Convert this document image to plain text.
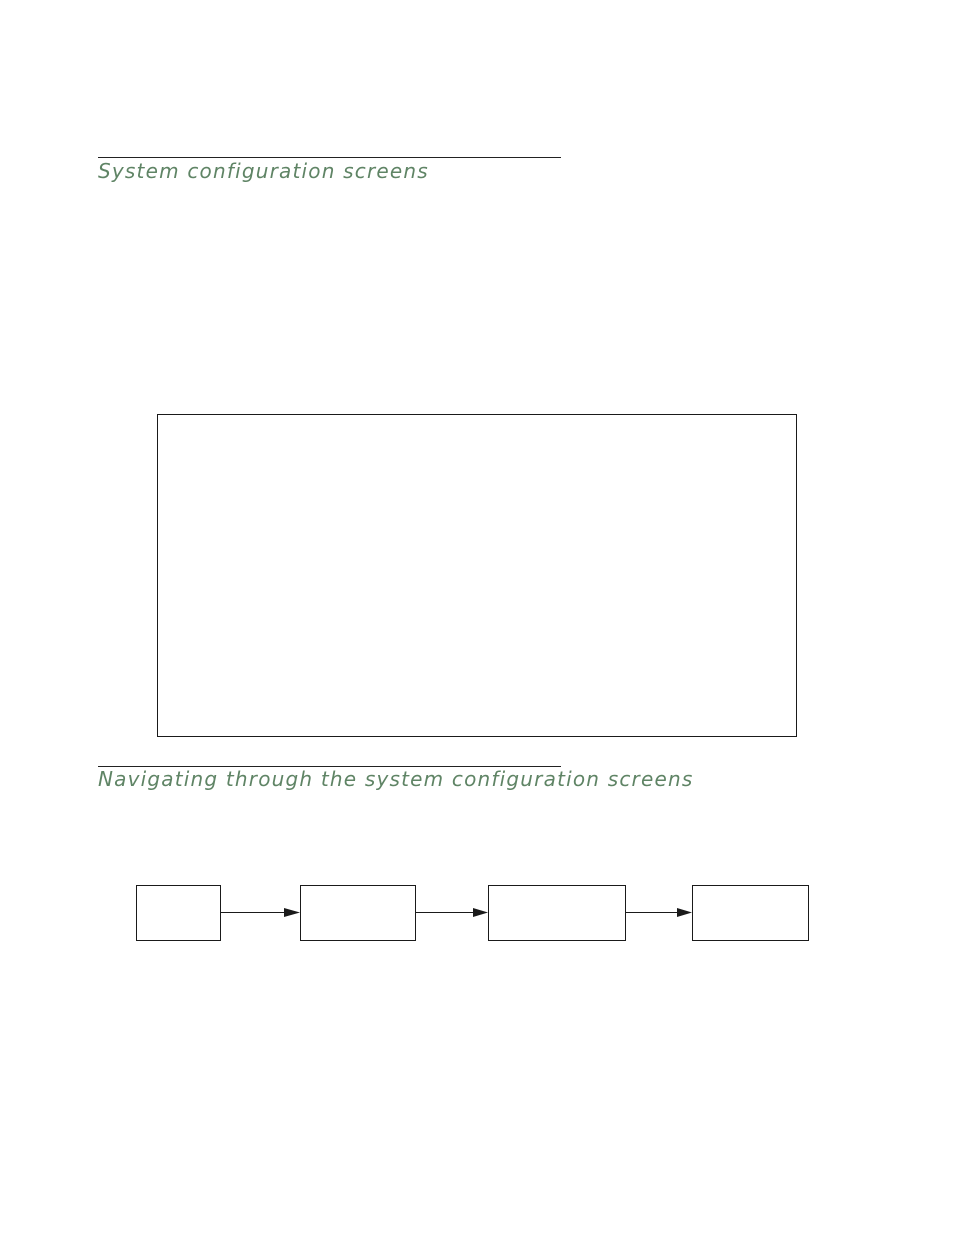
System configuration screens
Navigating through the system configuration screens
